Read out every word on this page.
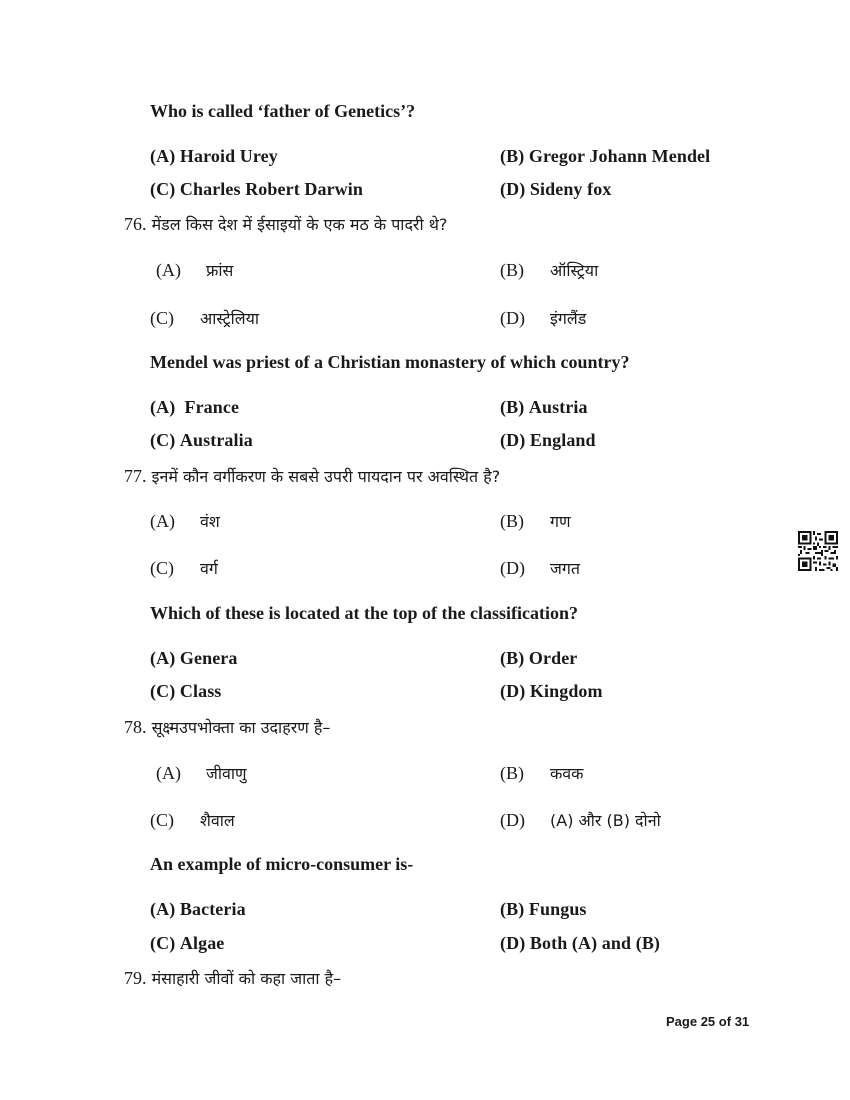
Who is called ‘father of Genetics’?
(A) Haroid Urey	(B) Gregor Johann Mendel
(C) Charles Robert Darwin	(D) Sideny fox
76. मेंडल किस देश में ईसाइयों के एक मठ के पादरी थे?
(A) फ्रांस	(B) ऑस्ट्रिया
(C) आस्ट्रेलिया	(D) इंगलैंड
Mendel was priest of a Christian monastery of which country?
(A) France	(B) Austria
(C) Australia	(D) England
77. इनमें कौन वर्गीकरण के सबसे उपरी पायदान पर अवस्थित है?
(A) वंश	(B) गण
(C) वर्ग	(D) जगत
Which of these is located at the top of the classification?
(A) Genera	(B) Order
(C) Class	(D) Kingdom
78. सूक्ष्मउपभोक्ता का उदाहरण है–
(A) जीवाणु	(B) कवक
(C) शैवाल	(D) (A) और (B) दोनो
An example of micro-consumer is-
(A) Bacteria	(B) Fungus
(C) Algae	(D) Both (A) and (B)
79. मंसाहारी जीवों को कहा जाता है–
Page 25 of 31
